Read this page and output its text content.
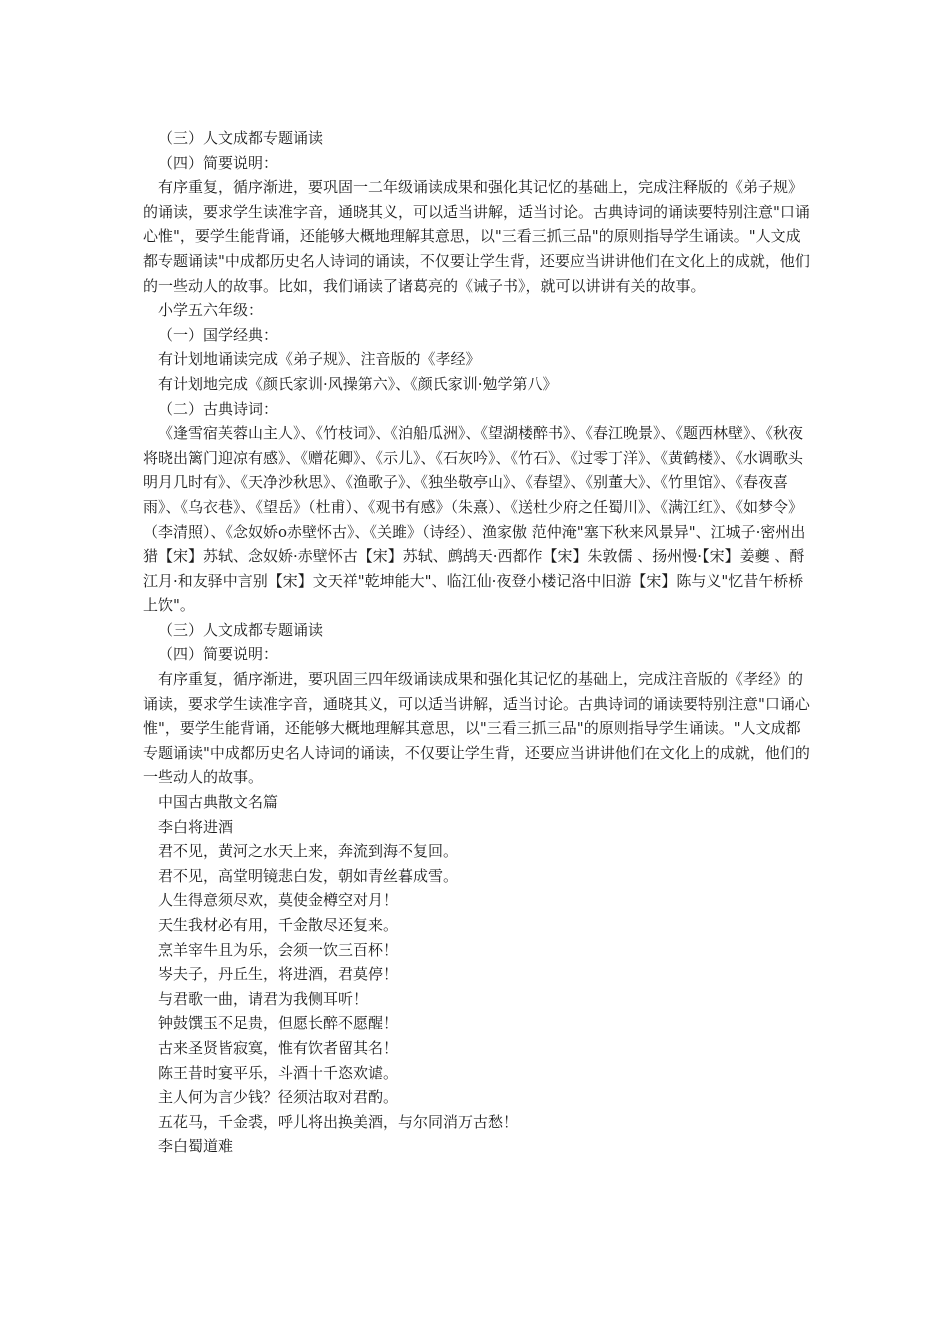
（三）人文成都专题诵读

（四）简要说明：

有序重复，循序渐进，要巩固一二年级诵读成果和强化其记忆的基础上，完成注释版的《弟子规》的诵读，要求学生读准字音，通晓其义，可以适当讲解，适当讨论。古典诗词的诵读要特别注意"口诵心惟"，要学生能背诵，还能够大概地理解其意思，以"三看三抓三品"的原则指导学生诵读。"人文成都专题诵读"中成都历史名人诗词的诵读，不仅要让学生背，还要应当讲讲他们在文化上的成就，他们的一些动人的故事。比如，我们诵读了诸葛亮的《诫子书》，就可以讲讲有关的故事。

小学五六年级：

（一）国学经典：

有计划地诵读完成《弟子规》、注音版的《孝经》

有计划地完成《颜氏家训·风操第六》、《颜氏家训·勉学第八》

（二）古典诗词：

《逢雪宿芙蓉山主人》、《竹枝词》、《泊船瓜洲》、《望湖楼醉书》、《春江晚景》、《题西林壁》、《秋夜将晓出篱门迎凉有感》、《赠花卿》、《示儿》、《石灰吟》、《竹石》、《过零丁洋》、《黄鹤楼》、《水调歌头明月几时有》、《天净沙秋思》、《渔歌子》、《独坐敬亭山》、《春望》、《别董大》、《竹里馆》、《春夜喜雨》、《乌衣巷》、《望岳》（杜甫）、《观书有感》（朱熹）、《送杜少府之任蜀川》、《满江红》、《如梦令》（李清照）、《念奴娇o赤壁怀古》、《关雎》（诗经）、渔家傲 范仲淹"塞下秋来风景异"、江城子·密州出猎【宋】苏轼、念奴娇·赤壁怀古【宋】苏轼、鹧鸪天·西都作【宋】朱敦儒 、扬州慢·【宋】姜夔 、酹江月·和友驿中言别【宋】文天祥"乾坤能大"、临江仙·夜登小楼记洛中旧游【宋】陈与义"忆昔午桥桥上饮"。

（三）人文成都专题诵读

（四）简要说明：

有序重复，循序渐进，要巩固三四年级诵读成果和强化其记忆的基础上，完成注音版的《孝经》的诵读，要求学生读准字音，通晓其义，可以适当讲解，适当讨论。古典诗词的诵读要特别注意"口诵心惟"，要学生能背诵，还能够大概地理解其意思，以"三看三抓三品"的原则指导学生诵读。"人文成都专题诵读"中成都历史名人诗词的诵读，不仅要让学生背，还要应当讲讲他们在文化上的成就，他们的一些动人的故事。

中国古典散文名篇

李白将进酒

君不见，黄河之水天上来，奔流到海不复回。

君不见，高堂明镜悲白发，朝如青丝暮成雪。

人生得意须尽欢，莫使金樽空对月！

天生我材必有用，千金散尽还复来。

烹羊宰牛且为乐，会须一饮三百杯！

岑夫子，丹丘生，将进酒，君莫停！

与君歌一曲，请君为我侧耳听！

钟鼓馔玉不足贵，但愿长醉不愿醒！

古来圣贤皆寂寞，惟有饮者留其名！

陈王昔时宴平乐，斗酒十千恣欢谑。

主人何为言少钱？径须沽取对君酌。

五花马，千金裘，呼儿将出换美酒，与尔同消万古愁！

李白蜀道难
